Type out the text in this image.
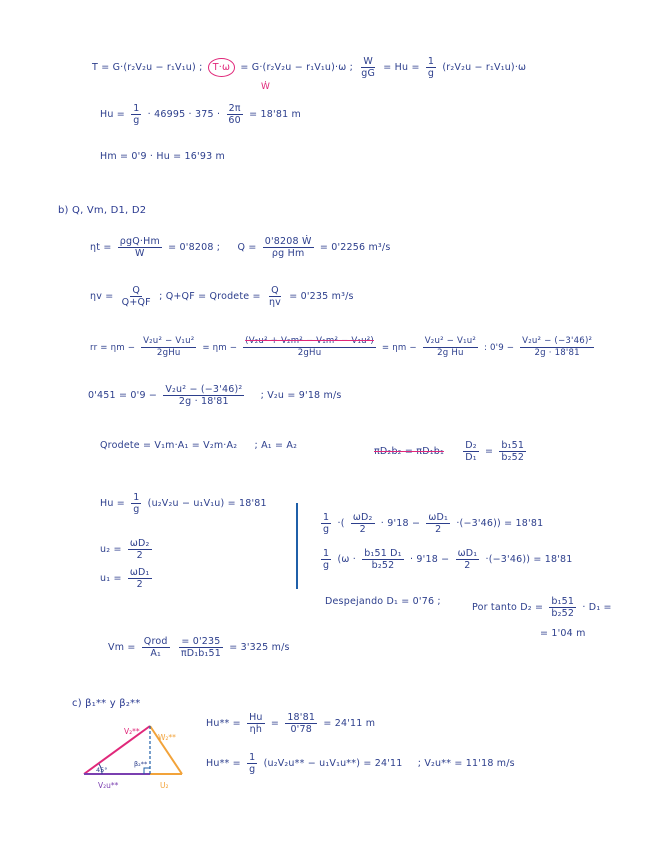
T = G·(r₂V₂u − r₁V₁u) ; T·ω = G·(r₂V₂u − r₁V₁u)·ω ; $\frac{W}{gG} = Hu = \frac{1}{g} (r_2V_2u - r_1V_1u)\cdot\omega$
Ẇ
$Hu = \frac{1}{g} \cdot 46995 \cdot 375 \cdot \frac{2\pi}{60} = 18'81$ m
Hm = 0'9 · Hu = 16'93 m
b) Q, Vm, D1, D2
ηt =
ρgQ·Hm
Ẇ
= 0'8208 ; $Q = \frac{\text{0'8208 Ẇ}}{\text{ρg Hm}} = 0'2256$ m³/s
$\eta v = \frac{Q}{Q+QF}$ ; $Q+QF = Qrodete = \frac{Q}{\eta v} = 0'235$ m³/s
rr = ηm −
V₂u² − V₁u²
2gHu	= ηm −
(V₂u² + V₂m² − V₁m² − V₁u²)
2gHu	= $\eta m - \frac{\text{V₂u² − V₁u²}}{\text{2g Hu}}$ : $0'9 - \frac{\text{V₂u² − (−3'46)²}}{2g \cdot 18'81}$
$0'451 = 0'9 - \frac{\text{V₂u² − (−3'46)²}}{2g \cdot 18'81}$ ; V₂u = 9'18 m/s
Qrodete = V₁m·A₁ = V₂m·A₂ ; A₁ = A₂
$\pi D_2b_2 = \pi D_1b_1 \frac{\text{D₂}}{\text{D₁}} = \frac{\text{b₁51}}{\text{b₂52}}$
$Hu = \frac{1}{g} (u_2V_2u - u_1V_1u) = 18'81$
$u_2 = \frac{\text{ωD₂}}{2}$
$u_1 = \frac{\text{ωD₁}}{2}$
$\frac{1}{g}$ ·( $\frac{\text{ωD₂}}{2} \cdot 9'18 - \frac{\text{ωD₁}}{2} \cdot(-3'46)) = 18'81$
$\frac{1}{g} (\omega \cdot \frac{\text{b₁51 D₁}}{\text{b₂52}} \cdot 9'18 - \frac{\text{ωD₁}}{2} \cdot(-3'46)) = 18'81$
Despejando D₁ = 0'76 ;
Por tanto $D_2 = \frac{\text{b₁51}}{\text{b₂52}} \cdot D_1$ =
= 1'04 m
Vm =
Qrod
A₁
$\frac{= 0'235}{\text{πD₁b₁51}} = 3'325$ m/s
c) β₁** y β₂**
$Hu** = \frac{Hu}{\eta h} = \frac{18'81}{0'78} = 24'11$ m
$Hu** = \frac{1}{g} (u_2V_2u** - u_1V_1u**) = 24'11$ ; V₂u** = 11'18 m/s
V₂**
W₂**
β₂**
45°
V₂u**	U₂
